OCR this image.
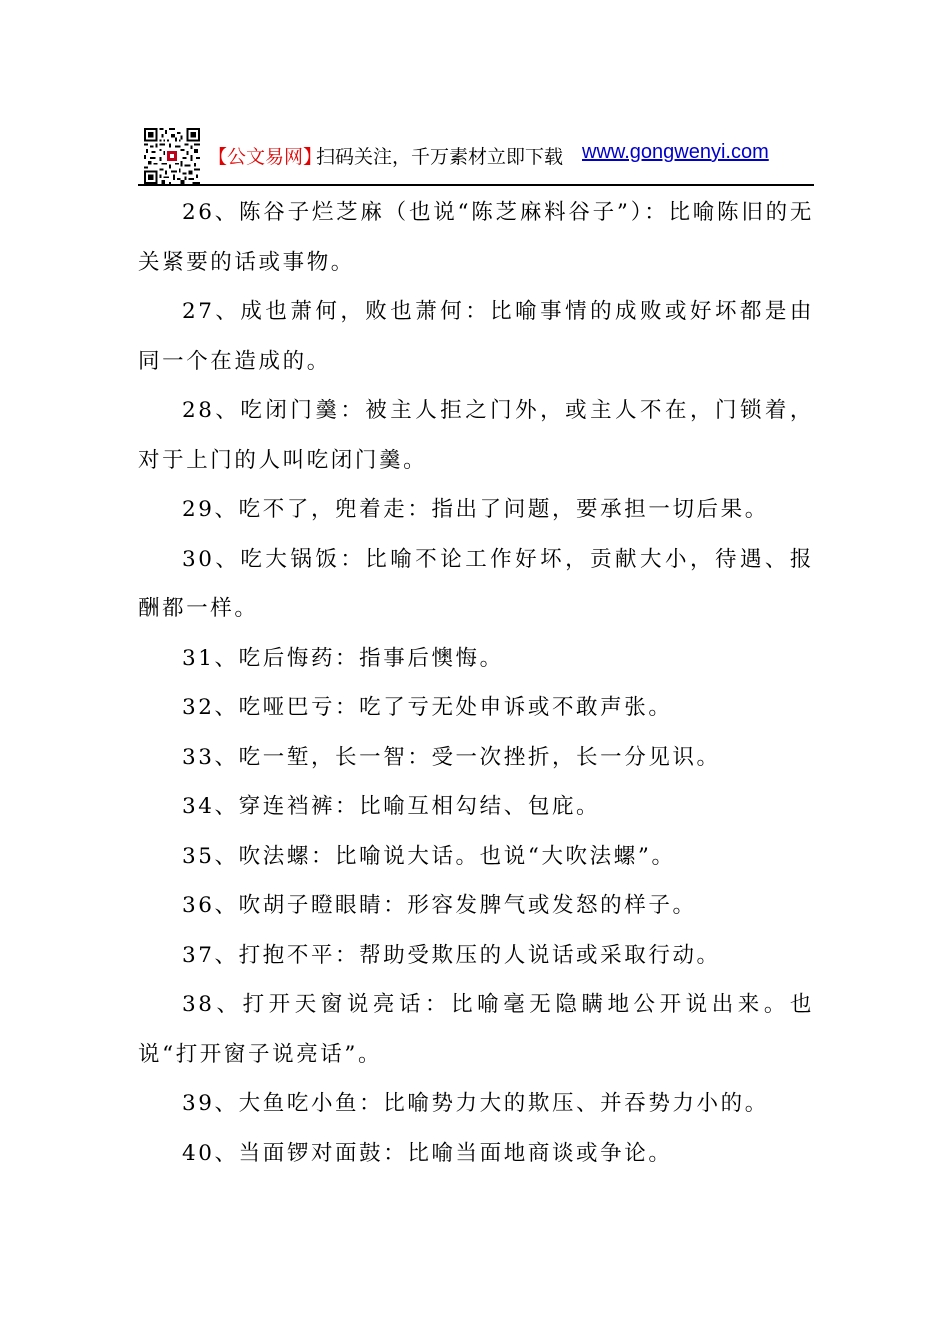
【公文易网】
扫码关注，千万素材立即下载 www.gongwenyi.com

26、陈谷子烂芝麻（也说“陈芝麻料谷子”）：比喻陈旧的无关紧要的话或事物。

27、成也萧何，败也萧何：比喻事情的成败或好坏都是由同一个在造成的。

28、吃闭门羹：被主人拒之门外，或主人不在，门锁着，对于上门的人叫吃闭门羹。

29、吃不了，兜着走：指出了问题，要承担一切后果。

30、吃大锅饭：比喻不论工作好坏，贡献大小，待遇、报酬都一样。

31、吃后悔药：指事后懊悔。

32、吃哑巴亏：吃了亏无处申诉或不敢声张。

33、吃一堑，长一智：受一次挫折，长一分见识。

34、穿连裆裤：比喻互相勾结、包庇。

35、吹法螺：比喻说大话。也说“大吹法螺”。

36、吹胡子瞪眼睛：形容发脾气或发怒的样子。

37、打抱不平：帮助受欺压的人说话或采取行动。

38、打开天窗说亮话：比喻毫无隐瞒地公开说出来。也说“打开窗子说亮话”。

39、大鱼吃小鱼：比喻势力大的欺压、并吞势力小的。

40、当面锣对面鼓：比喻当面地商谈或争论。
